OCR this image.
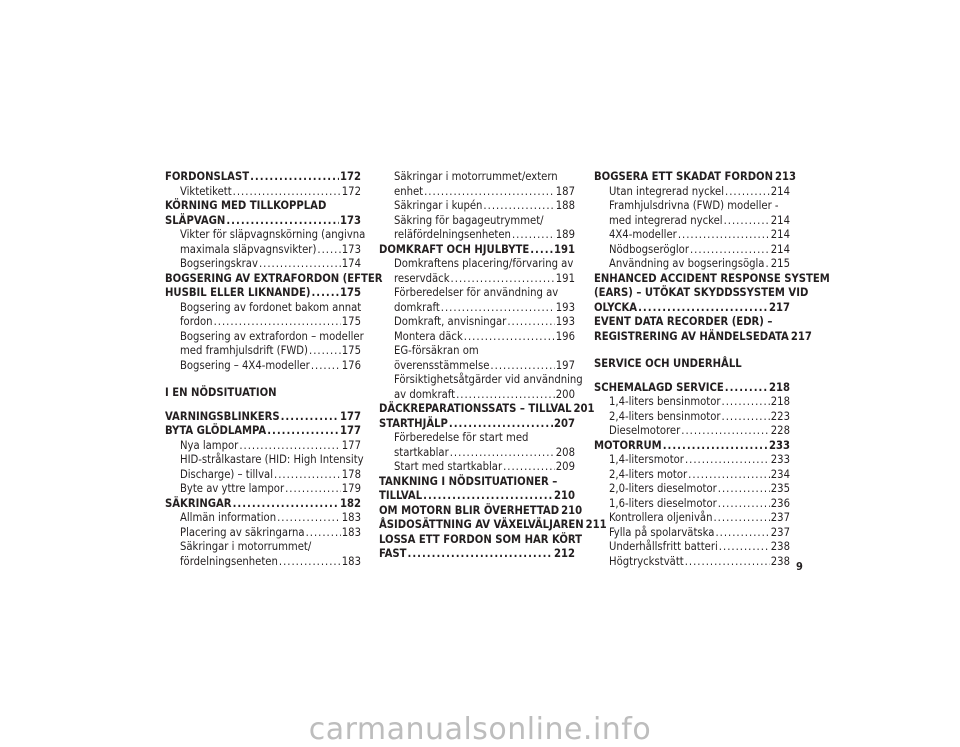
FORDONSLAST .....	172
Viktetikett .....	172
KÖRNING MED TILLKOPPLAD
SLÄPVAGN .....	173
Vikter för släpvagnskörning (angivna
maximala släpvagnsvikter) ..... 173
Bogseringskrav .....	174
BOGSERING AV EXTRAFORDON (EFTER
HUSBIL ELLER LIKNANDE) .....	175
Bogsering av fordonet bakom annat
fordon .....	175
Bogsering av extrafordon – modeller
med framhjulsdrift (FWD) .....	175
Bogsering – 4X4-modeller .....	176
I EN NÖDSITUATION
VARNINGSBLINKERS .....	177
BYTA GLÖDLAMPA .....	177
Nya lampor .....	177
HID-strålkastare (HID: High Intensity
Discharge) – tillval .....	178
Byte av yttre lampor .....	179
SÄKRINGAR .....	182
Allmän information .....	183
Placering av säkringarna .....	183
Säkringar i motorrummet/
fördelningsenheten .....	183
Säkringar i motorrummet/extern
enhet .....	187
Säkringar i kupén .....	188
Säkring för bagageutrymmet/
reläfördelningsenheten .....	189
DOMKRAFT OCH HJULBYTE ..... 191
Domkraftens placering/förvaring av
reservdäck .....	191
Förberedelser för användning av
domkraft .....	193
Domkraft, anvisningar .....	193
Montera däck .....	196
EG-försäkran om
överensstämmelse .....	197
Försiktighetsåtgärder vid användning
av domkraft .....	200
DÄCKREPARATIONSSATS – TILLVAL 201
STARTHJÄLP .....	207
Förberedelse för start med
startkablar .....	208
Start med startkablar .....	209
TANKNING I NÖDSITUATIONER –
TILLVAL .....	210
OM MOTORN BLIR ÖVERHETTAD 210
ÅSIDOSÄTTNING AV VÄXELVÄLJAREN 211
LOSSA ETT FORDON SOM HAR KÖRT
FAST .....	212
BOGSERA ETT SKADAT FORDON 213
Utan integrerad nyckel .....	214
Framhjulsdrivna (FWD) modeller -
med integrerad nyckel .....	214
4X4-modeller .....	214
Nödbogseröglor .....	214
Användning av bogseringsögla ..... 215
ENHANCED ACCIDENT RESPONSE SYSTEM
(EARS) – UTÖKAT SKYDDSSYSTEM VID
OLYCKA .....	217
EVENT DATA RECORDER (EDR) –
REGISTRERING AV HÄNDELSEDATA 217
SERVICE OCH UNDERHÅLL
SCHEMALAGD SERVICE .....	218
1,4-liters bensinmotor .....	218
2,4-liters bensinmotor .....	223
Dieselmotorer .....	228
MOTORRUM .....	233
1,4-litersmotor .....	233
2,4-liters motor .....	234
2,0-liters dieselmotor .....	235
1,6-liters dieselmotor .....	236
Kontrollera oljenivån .....	237
Fylla på spolarvätska .....	237
Underhållsfritt batteri .....	238
Högtryckstvätt .....	238 9
carmanualsonline.info
